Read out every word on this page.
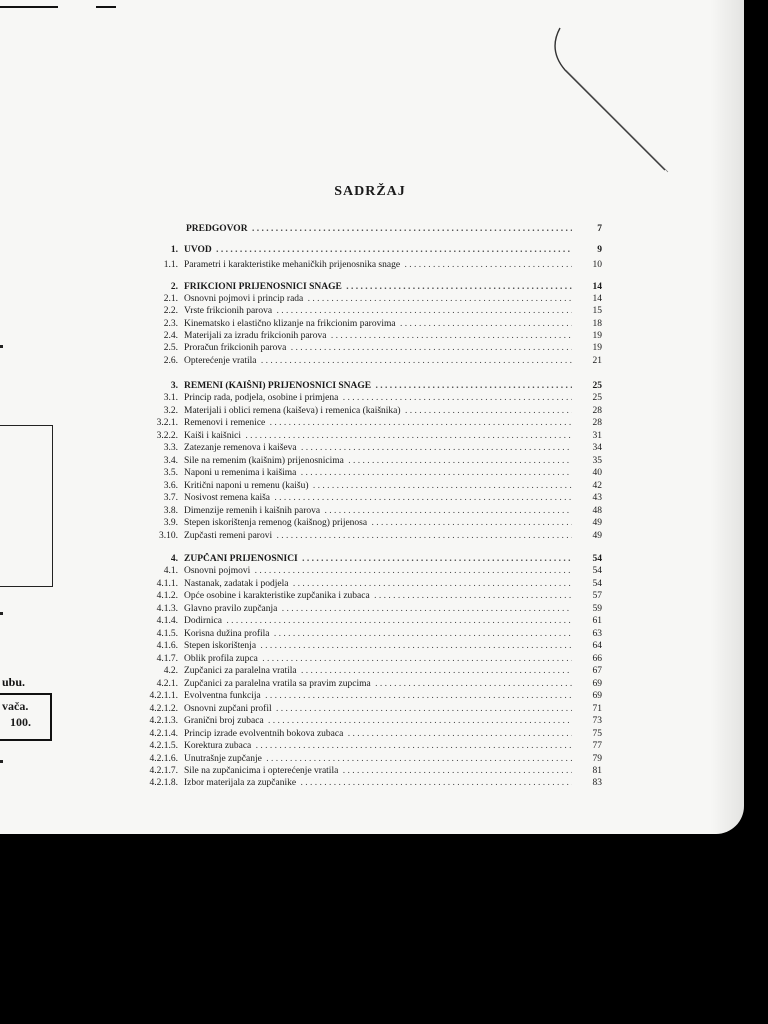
ubu.
vača.
100.
SADRŽAJ
PREDGOVOR . . .	7
1. UVOD . . .	9
1.1. Parametri i karakteristike mehaničkih prijenosnika snage . . .	10
2. FRIKCIONI PRIJENOSNICI SNAGE . . .	14
2.1. Osnovni pojmovi i princip rada . . .	14
2.2. Vrste frikcionih parova . . .	15
2.3. Kinematsko i elastično klizanje na frikcionim parovima . . .	18
2.4. Materijali za izradu frikcionih parova . . .	19
2.5. Proračun frikcionih parova . . .	19
2.6. Opterećenje vratila . . .	21
3. REMENI (KAIŠNI) PRIJENOSNICI SNAGE . . .	25
3.1. Princip rada, podjela, osobine i primjena . . .	25
3.2. Materijali i oblici remena (kaiševa) i remenica (kaišnika) . . .	28
3.2.1. Remenovi i remenice . . .	28
3.2.2. Kaiši i kaišnici . . .	31
3.3. Zatezanje remenova i kaiševa . . .	34
3.4. Sile na remenim (kaišnim) prijenosnicima . . .	35
3.5. Naponi u remenima i kaišima . . .	40
3.6. Kritični naponi u remenu (kaišu) . . .	42
3.7. Nosivost remena kaiša . . .	43
3.8. Dimenzije remenih i kaišnih parova . . .	48
3.9. Stepen iskorištenja remenog (kaišnog) prijenosa . . .	49
3.10. Zupčasti remeni parovi . . .	49
4. ZUPČANI PRIJENOSNICI . . .	54
4.1. Osnovni pojmovi . . .	54
4.1.1. Nastanak, zadatak i podjela . . .	54
4.1.2. Opće osobine i karakteristike zupčanika i zubaca . . .	57
4.1.3. Glavno pravilo zupčanja . . .	59
4.1.4. Dodirnica . . .	61
4.1.5. Korisna dužina profila . . .	63
4.1.6. Stepen iskorištenja . . .	64
4.1.7. Oblik profila zupca . . .	66
4.2. Zupčanici za paralelna vratila . . .	67
4.2.1. Zupčanici za paralelna vratila sa pravim zupcima . . .	69
4.2.1.1. Evolventna funkcija . . .	69
4.2.1.2. Osnovni zupčani profil . . .	71
4.2.1.3. Granični broj zubaca . . .	73
4.2.1.4. Princip izrade evolventnih bokova zubaca . . .	75
4.2.1.5. Korektura zubaca . . .	77
4.2.1.6. Unutrašnje zupčanje . . .	79
4.2.1.7. Sile na zupčanicima i opterećenje vratila . . .	81
4.2.1.8. Izbor materijala za zupčanike . . .	83
